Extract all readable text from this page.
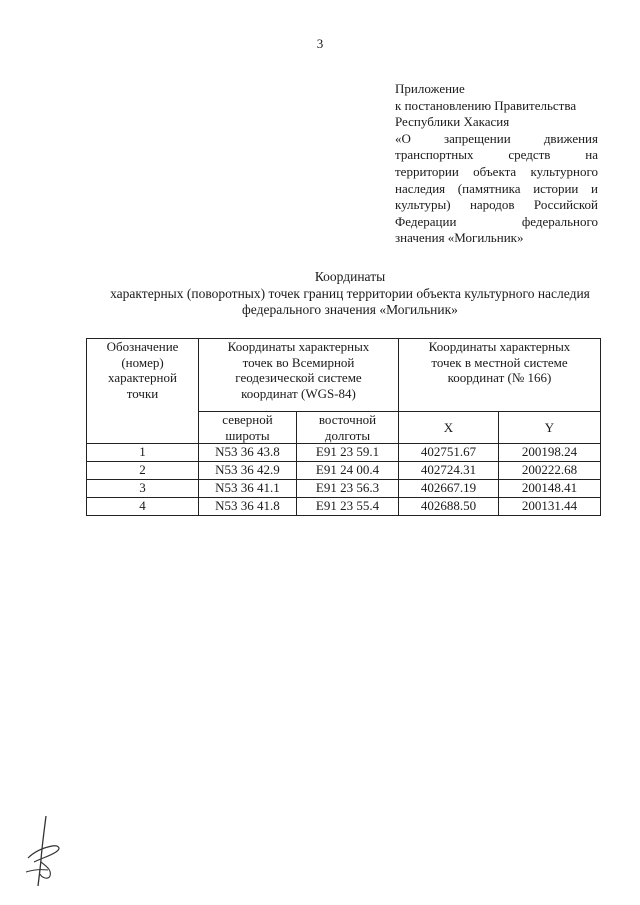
3
Приложение
к постановлению Правительства
Республики Хакасия
«О запрещении движения
транспортных средств на
территории объекта культурного
наследия (памятника истории и
культуры) народов Российской
Федерации федерального
значения «Могильник»
Координаты
характерных (поворотных) точек границ территории объекта культурного наследия
федерального значения «Могильник»
Обозначение (номер) характерной точки	Координаты характерных точек во Всемирной геодезической системе координат (WGS-84)		Координаты характерных точек в местной системе координат (№ 166)	
	северной широты	восточной долготы	X	Y
1	N53 36 43.8	E91 23 59.1	402751.67	200198.24
2	N53 36 42.9	E91 24 00.4	402724.31	200222.68
3	N53 36 41.1	E91 23 56.3	402667.19	200148.41
4	N53 36 41.8	E91 23 55.4	402688.50	200131.44
